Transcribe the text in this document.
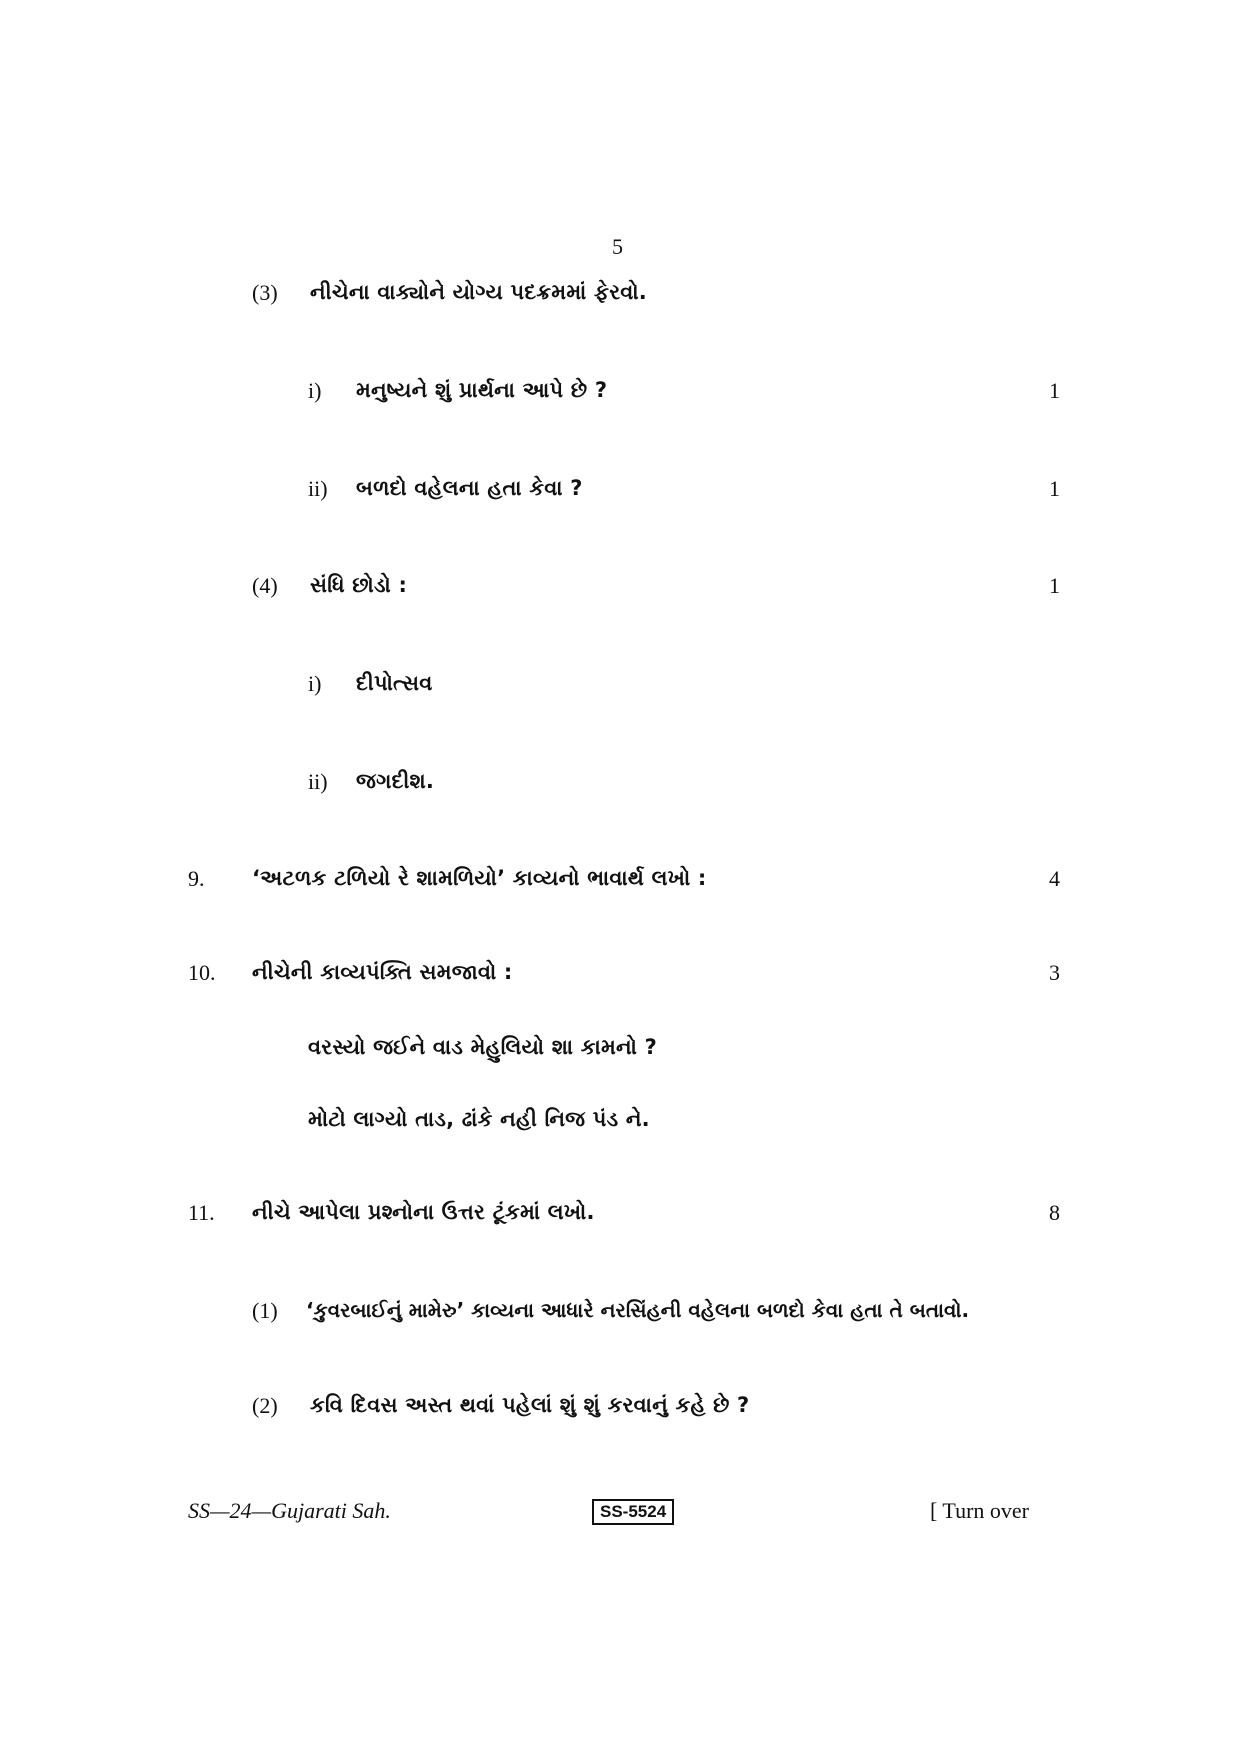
5
(3) નીચેના વાક્યોને યોગ્ય પદક્રમમાં ફેરવો.
i) મનુષ્યને શું પ્રાર્થના આપે છે ?	1
ii) બળદો વહેલના હતા કેવા ?	1
(4) સંધિ છોડો :	1
i) દીપોત્સવ
ii) જગદીશ.
9. ‘અટળક ટળિયો રે શામળિયો’ કાવ્યનો ભાવાર્થ લખો :	4
10. નીચેની કાવ્યપંક્તિ સમજાવો :	3
વરસ્યો જઈને વાડ મેહુલિયો શા કામનો ?
મોટો લાગ્યો તાડ, ઢાંકે નહી નિજ પંડ ને.
11. નીચે આપેલા પ્રશ્નોના ઉત્તર ટૂંકમાં લખો.	8
(1) ‘કુવરબાઈનું મામેરુ’ કાવ્યના આધારે નરસિંહની વહેલના બળદો કેવા હતા તે બતાવો.
(2) કવિ દિવસ અસ્ત થવાં પહેલાં શું શું કરવાનું કહે છે ?
SS—24—Gujarati Sah.	SS-5524	[ Turn over
